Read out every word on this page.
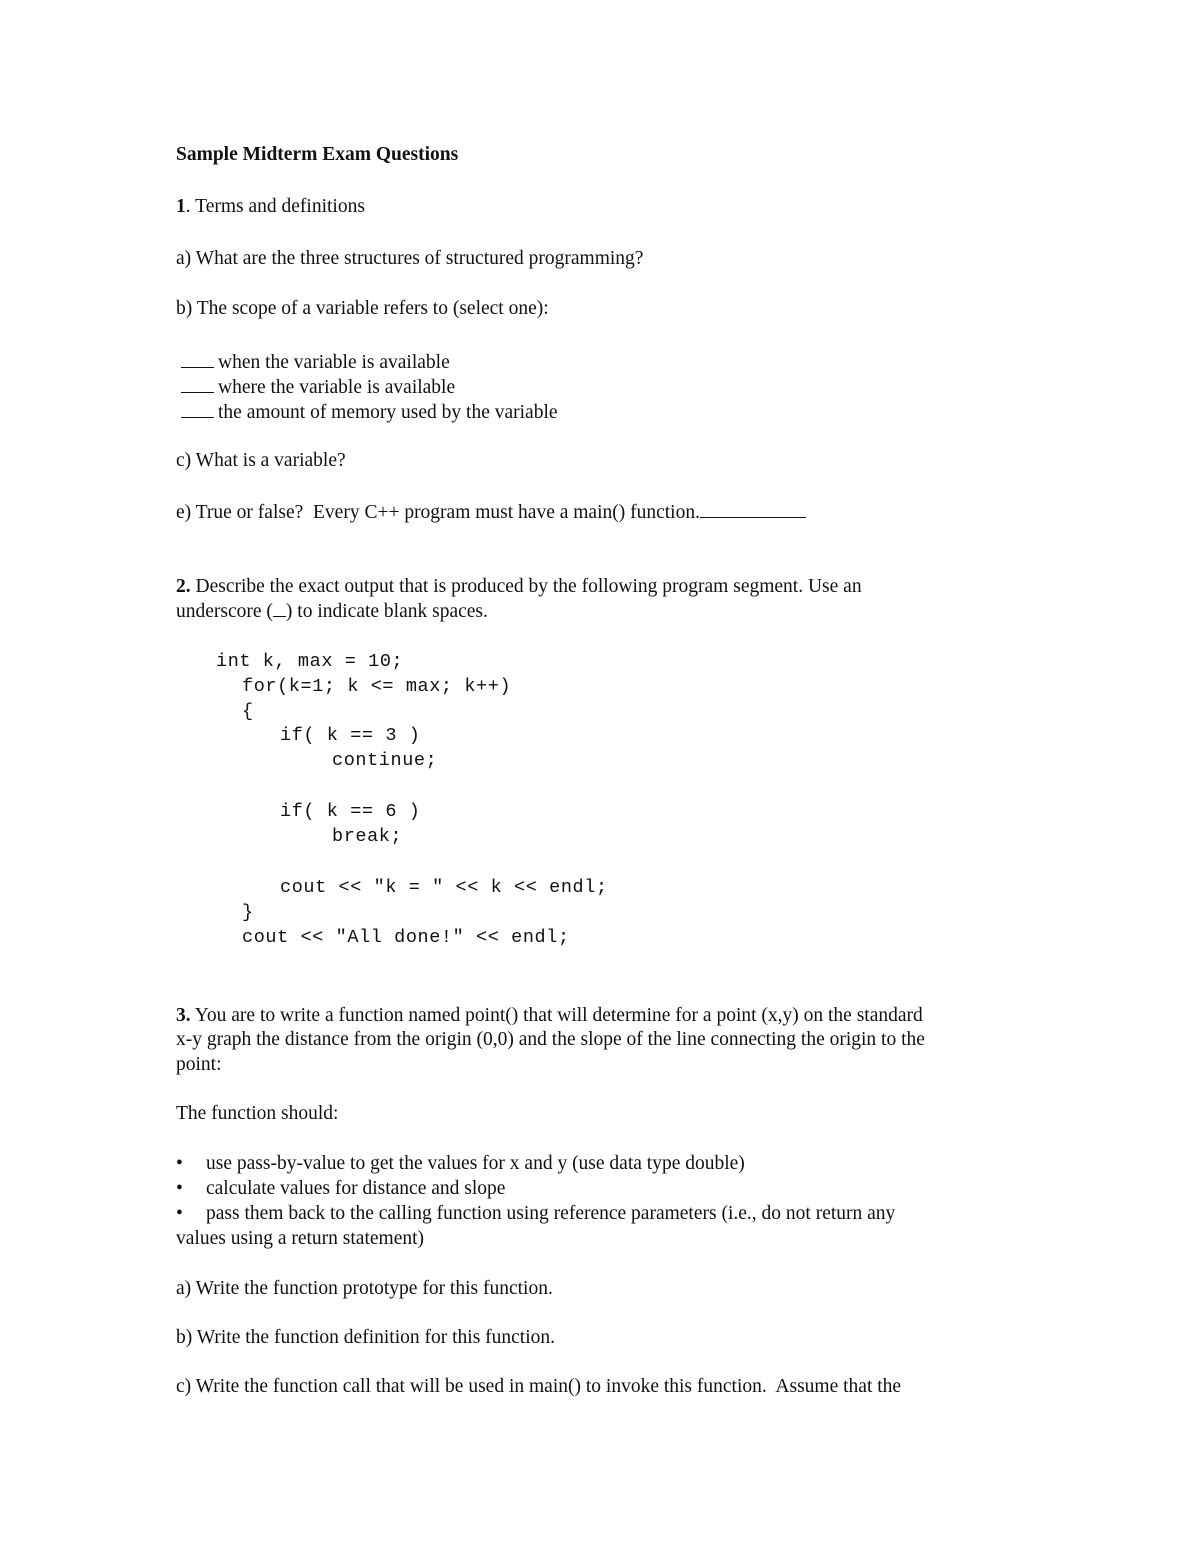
Sample Midterm Exam Questions
1. Terms and definitions
a) What are the three structures of structured programming?
b) The scope of a variable refers to (select one):
when the variable is available
where the variable is available
the amount of memory used by the variable
c) What is a variable?
e) True or false?  Every C++ program must have a main() function.
2. Describe the exact output that is produced by the following program segment. Use an
underscore ( ) to indicate blank spaces.
int k, max = 10;
for(k=1; k <= max; k++)
{
if( k == 3 )
continue;
if( k == 6 )
break;
cout << "k = " << k << endl;
}
cout << "All done!" << endl;
3. You are to write a function named point() that will determine for a point (x,y) on the standard
x-y graph the distance from the origin (0,0) and the slope of the line connecting the origin to the
point:
The function should:
• use pass-by-value to get the values for x and y (use data type double)
• calculate values for distance and slope
• pass them back to the calling function using reference parameters (i.e., do not return any
values using a return statement)
a) Write the function prototype for this function.
b) Write the function definition for this function.
c) Write the function call that will be used in main() to invoke this function.  Assume that the
